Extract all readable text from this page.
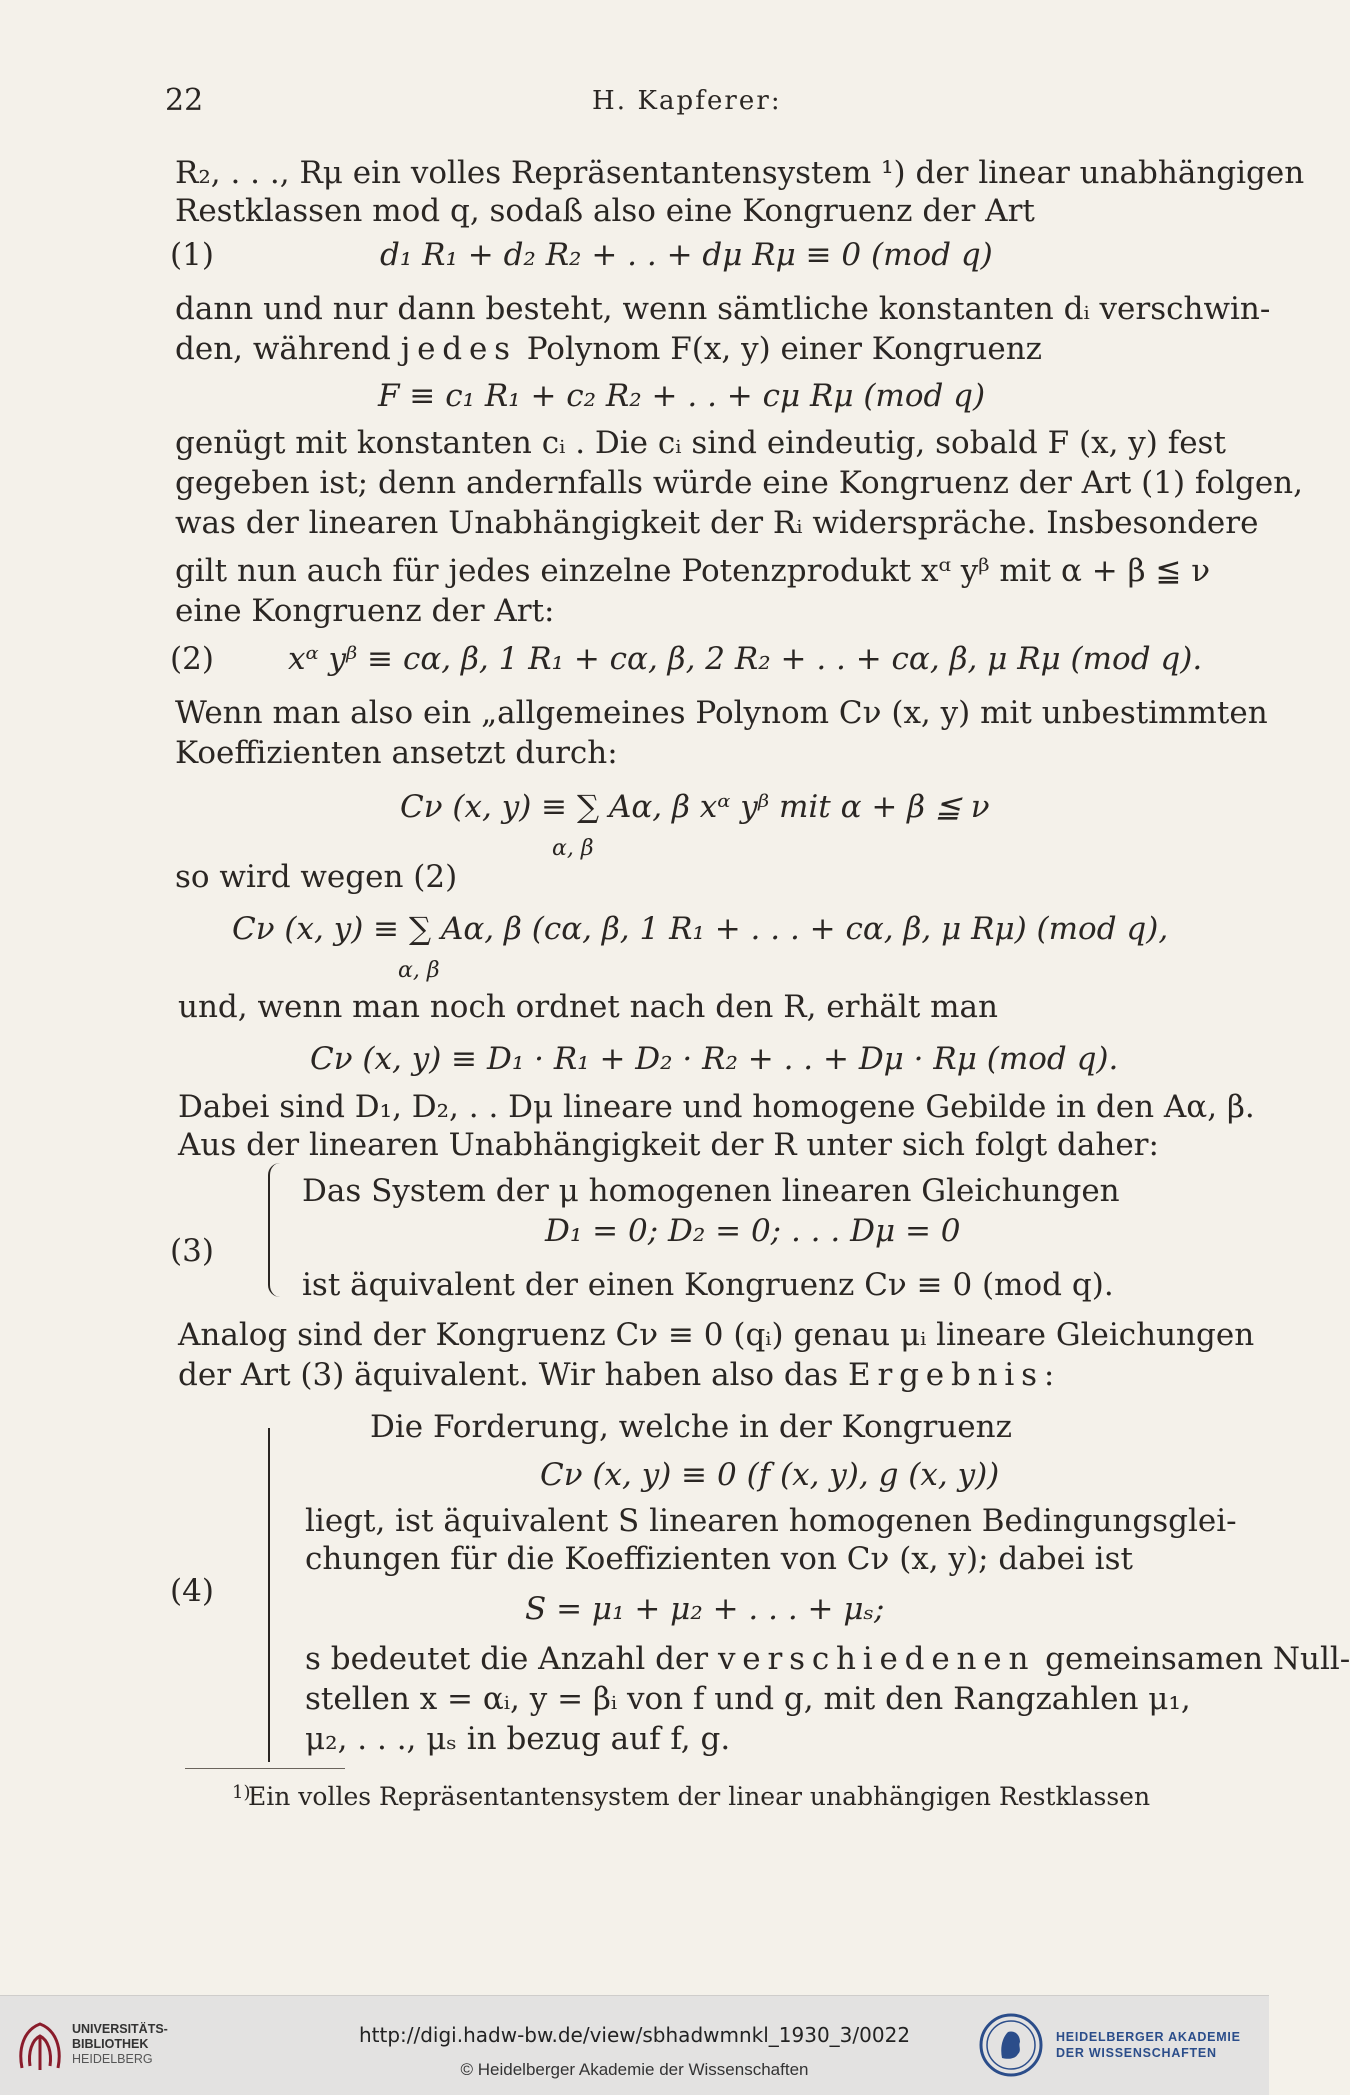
22	H. Kapferer:
R₂, . . ., Rμ ein volles Repräsentantensystem ¹) der linear unabhängigen
Restklassen mod q, sodaß also eine Kongruenz der Art
(1)	d₁ R₁ + d₂ R₂ + . . + dμ Rμ ≡ 0 (mod q)
dann und nur dann besteht, wenn sämtliche konstanten dᵢ verschwin-
den, während jedes Polynom F(x, y) einer Kongruenz
F ≡ c₁ R₁ + c₂ R₂ + . . + cμ Rμ (mod q)
genügt mit konstanten cᵢ . Die cᵢ sind eindeutig, sobald F (x, y) fest
gegeben ist; denn andernfalls würde eine Kongruenz der Art (1) folgen,
was der linearen Unabhängigkeit der Rᵢ widerspräche. Insbesondere
gilt nun auch für jedes einzelne Potenzprodukt xᵅ yᵝ mit α + β ≦ ν
eine Kongruenz der Art:
(2) xᵅ yᵝ ≡ cα, β, 1 R₁ + cα, β, 2 R₂ + . . + cα, β, μ Rμ (mod q).
Wenn man also ein „allgemeines Polynom Cν (x, y) mit unbestimmten
Koeffizienten ansetzt durch:
Cν (x, y) ≡ ∑ Aα, β xᵅ yᵝ mit α + β ≦ ν
α, β
so wird wegen (2)
Cν (x, y) ≡ ∑ Aα, β (cα, β, 1 R₁ + . . . + cα, β, μ Rμ) (mod q),
α, β
und, wenn man noch ordnet nach den R, erhält man
Cν (x, y) ≡ D₁ · R₁ + D₂ · R₂ + . . + Dμ · Rμ (mod q).
Dabei sind D₁, D₂, . . Dμ lineare und homogene Gebilde in den Aα, β.
Aus der linearen Unabhängigkeit der R unter sich folgt daher:
Das System der μ homogenen linearen Gleichungen
(3)
D₁ = 0; D₂ = 0; . . . Dμ = 0
ist äquivalent der einen Kongruenz Cν ≡ 0 (mod q).
Analog sind der Kongruenz Cν ≡ 0 (qᵢ) genau μᵢ lineare Gleichungen
der Art (3) äquivalent. Wir haben also das Ergebnis:
Die Forderung, welche in der Kongruenz
Cν (x, y) ≡ 0 (f (x, y), g (x, y))
liegt, ist äquivalent S linearen homogenen Bedingungsglei-
chungen für die Koeffizienten von Cν (x, y); dabei ist
(4)	S = μ₁ + μ₂ + . . . + μₛ;
s bedeutet die Anzahl der verschiedenen gemeinsamen Null-
stellen x = αᵢ, y = βᵢ von f und g, mit den Rangzahlen μ₁,
μ₂, . . ., μₛ in bezug auf f, g.
1)
Ein volles Repräsentantensystem der linear unabhängigen Restklassen
UNIVERSITÄTS-
BIBLIOTHEK
HEIDELBERG
http://digi.hadw-bw.de/view/sbhadwmnkl_1930_3/0022
© Heidelberger Akademie der Wissenschaften
HEIDELBERGER AKADEMIE
DER WISSENSCHAFTEN
